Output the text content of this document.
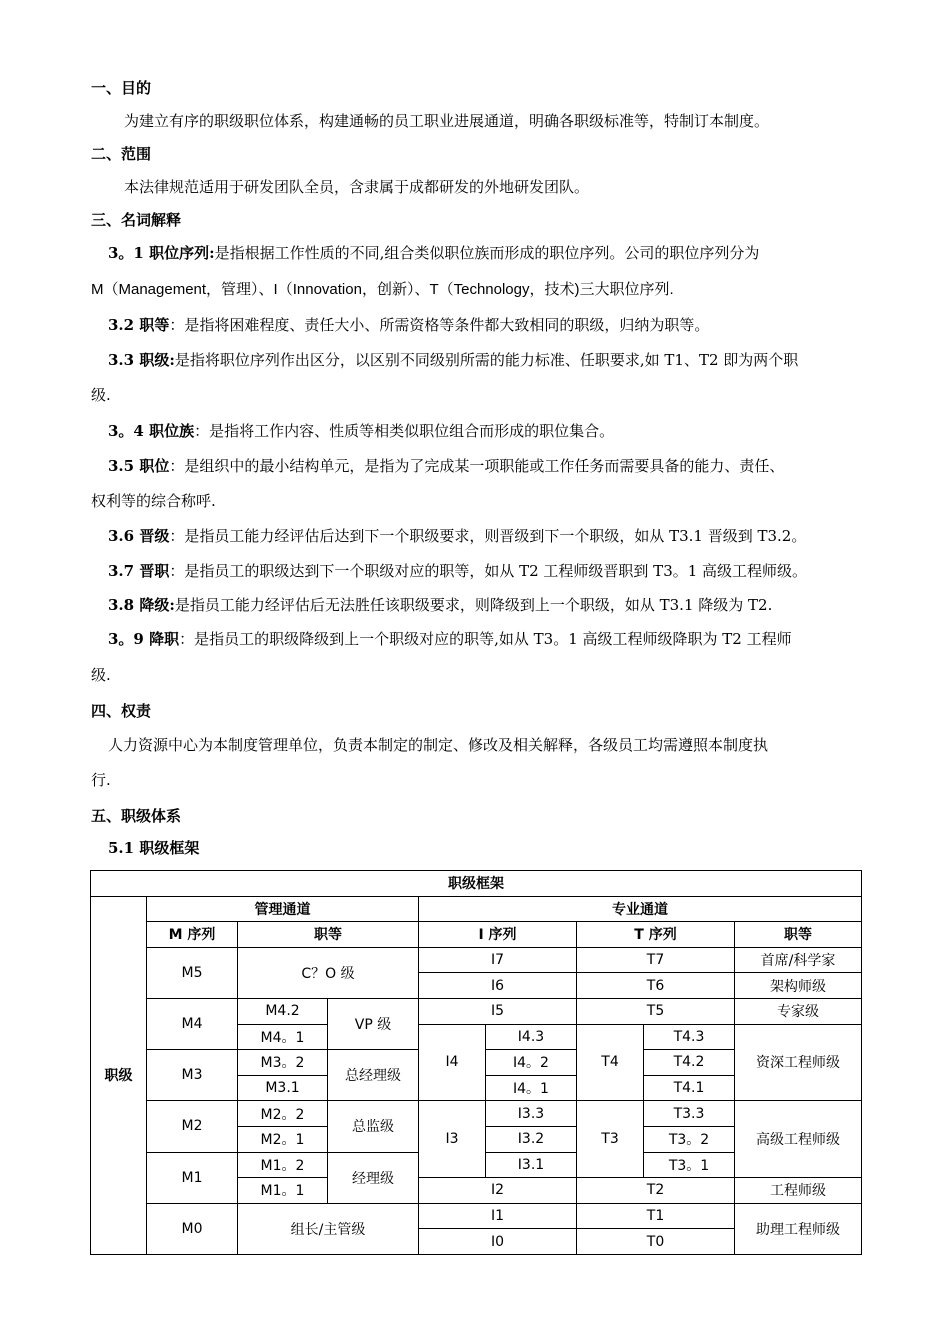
一、目的
为建立有序的职级职位体系，构建通畅的员工职业进展通道，明确各职级标准等，特制订本制度。
二、范围
本法律规范适用于研发团队全员，含隶属于成都研发的外地研发团队。
三、名词解释
3。1 职位序列:是指根据工作性质的不同,组合类似职位族而形成的职位序列。公司的职位序列分为
M（Management，管理）、I（Innovation，创新）、T（Technology，技术)三大职位序列.
3.2 职等：是指将困难程度、责任大小、所需资格等条件都大致相同的职级，归纳为职等。
3.3 职级:是指将职位序列作出区分，以区别不同级别所需的能力标准、任职要求,如 T1、T2 即为两个职
级.
3。4 职位族：是指将工作内容、性质等相类似职位组合而形成的职位集合。
3.5 职位：是组织中的最小结构单元，是指为了完成某一项职能或工作任务而需要具备的能力、责任、
权利等的综合称呼.
3.6 晋级：是指员工能力经评估后达到下一个职级要求，则晋级到下一个职级，如从 T3.1 晋级到 T3.2。
3.7 晋职：是指员工的职级达到下一个职级对应的职等，如从 T2 工程师级晋职到 T3。1 高级工程师级。
3.8 降级:是指员工能力经评估后无法胜任该职级要求，则降级到上一个职级，如从 T3.1 降级为 T2.
3。9 降职：是指员工的职级降级到上一个职级对应的职等,如从 T3。1 高级工程师级降职为 T2 工程师
级.
四、权责
人力资源中心为本制度管理单位，负责本制定的制定、修改及相关解释，各级员工均需遵照本制度执
行.
五、职级体系
5.1 职级框架
职级框架								
职级	管理通道			专业通道				
	M 序列	职等		I 序列		T 序列		职等
	M5	C？O 级		I7		T7		首席/科学家
				I6		T6		架构师级
	M4	M4.2	VP 级	I5		T5		专家级
		M4。1		I4	I4.3	T4	T4.3	资深工程师级
	M3	M3。2	总经理级		I4。2		T4.2	
		M3.1			I4。1		T4.1	
	M2	M2。2	总监级	I3	I3.3	T3	T3.3	高级工程师级
		M2。1			I3.2		T3。2	
	M1	M1。2	经理级		I3.1		T3。1	
		M1。1		I2		T2		工程师级
	M0	组长/主管级		I1		T1		助理工程师级
				I0		T0		
